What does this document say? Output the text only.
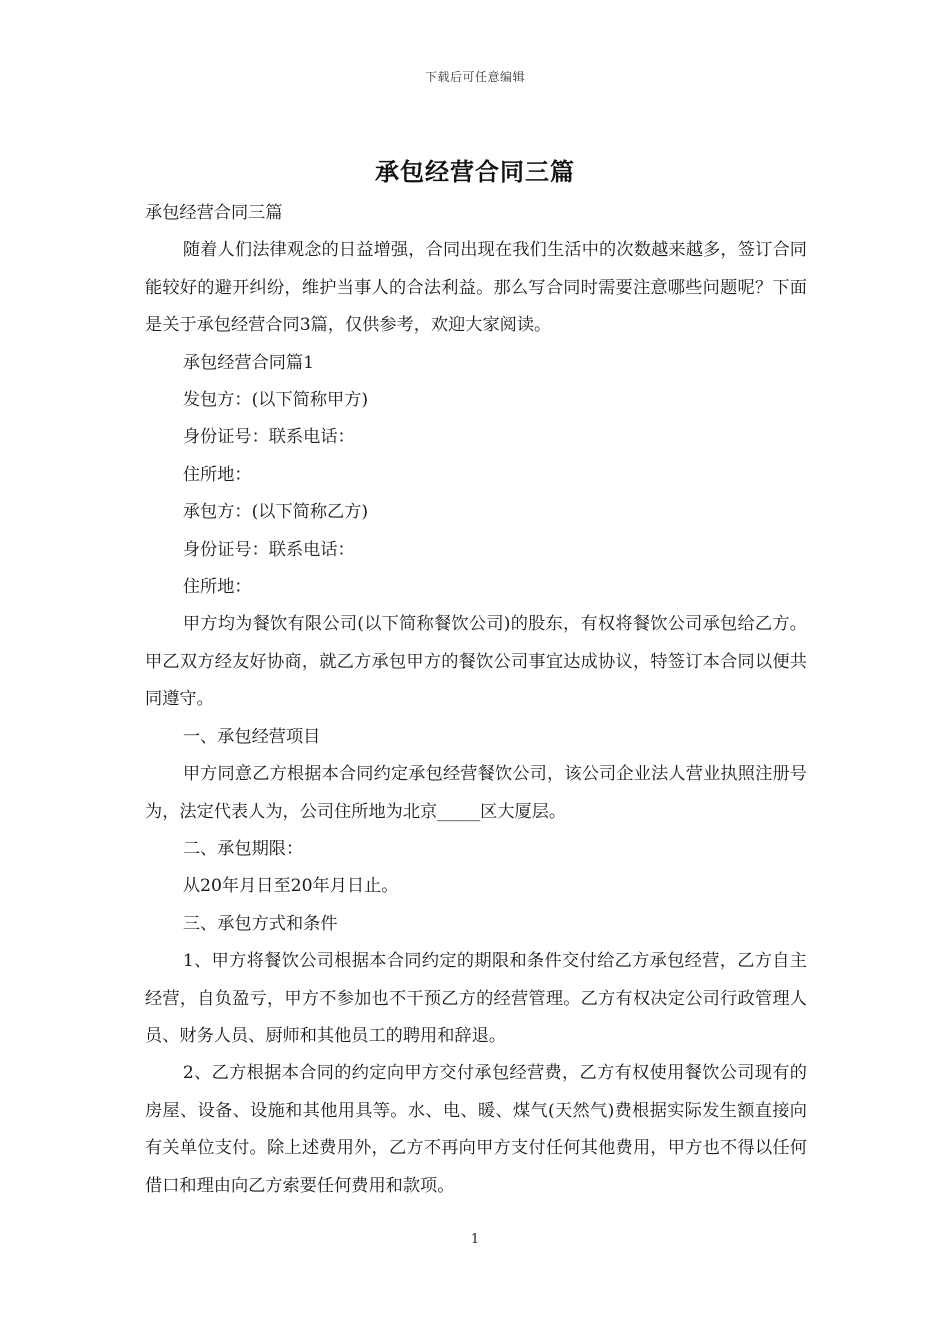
下载后可任意编辑
承包经营合同三篇

承包经营合同三篇

随着人们法律观念的日益增强，合同出现在我们生活中的次数越来越多，签订合同能较好的避开纠纷，维护当事人的合法利益。那么写合同时需要注意哪些问题呢？下面是关于承包经营合同3篇，仅供参考，欢迎大家阅读。

承包经营合同篇1

发包方：(以下简称甲方)

身份证号：联系电话：

住所地：

承包方：(以下简称乙方)

身份证号：联系电话：

住所地：

甲方均为餐饮有限公司(以下简称餐饮公司)的股东，有权将餐饮公司承包给乙方。甲乙双方经友好协商，就乙方承包甲方的餐饮公司事宜达成协议，特签订本合同以便共同遵守。

一、承包经营项目

甲方同意乙方根据本合同约定承包经营餐饮公司，该公司企业法人营业执照注册号为，法定代表人为，公司住所地为北京_____区大厦层。

二、承包期限：

从20年月日至20年月日止。

三、承包方式和条件

1、甲方将餐饮公司根据本合同约定的期限和条件交付给乙方承包经营，乙方自主经营，自负盈亏，甲方不参加也不干预乙方的经营管理。乙方有权决定公司行政管理人员、财务人员、厨师和其他员工的聘用和辞退。

2、乙方根据本合同的约定向甲方交付承包经营费，乙方有权使用餐饮公司现有的房屋、设备、设施和其他用具等。水、电、暖、煤气(天然气)费根据实际发生额直接向有关单位支付。除上述费用外，乙方不再向甲方支付任何其他费用，甲方也不得以任何借口和理由向乙方索要任何费用和款项。

1
